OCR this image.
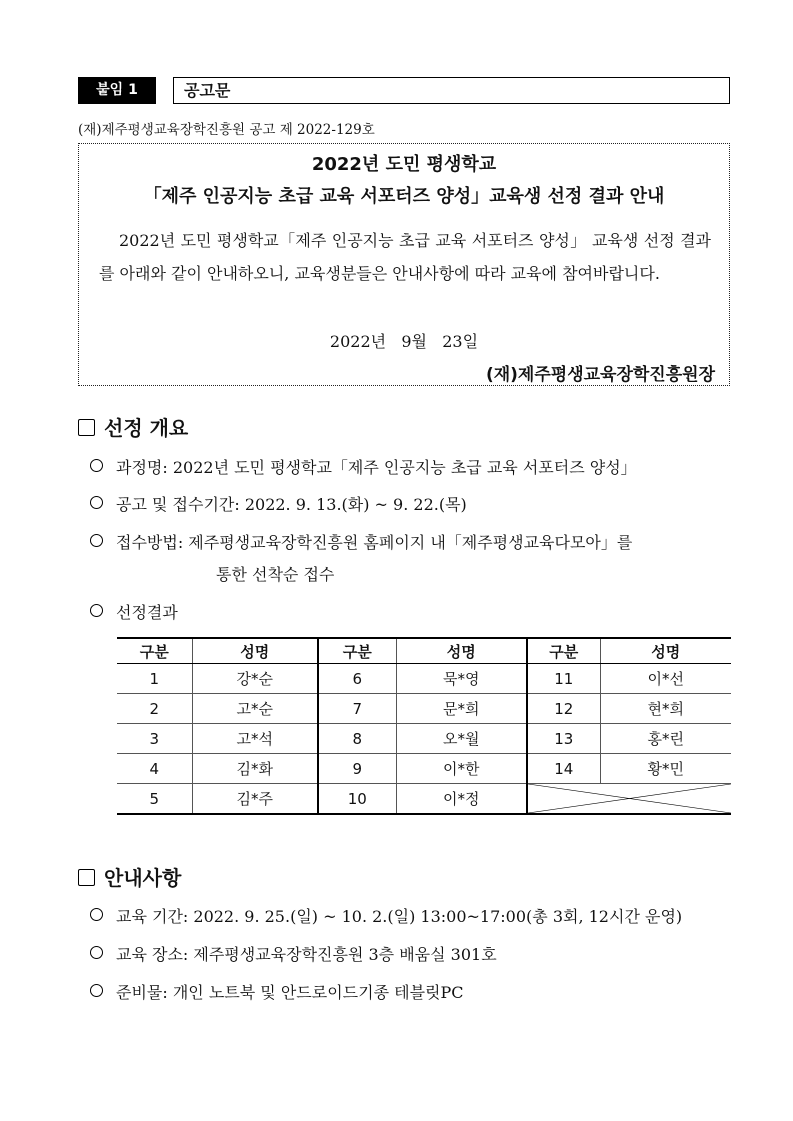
붙임 1	공고문
(재)제주평생교육장학진흥원 공고 제 2022-129호
2022년 도민 평생학교
「제주 인공지능 초급 교육 서포터즈 양성」교육생 선정 결과 안내
2022년 도민 평생학교「제주 인공지능 초급 교육 서포터즈 양성」 교육생 선정 결과를 아래와 같이 안내하오니, 교육생분들은 안내사항에 따라 교육에 참여바랍니다.
2022년   9월   23일
(재)제주평생교육장학진흥원장
선정 개요
과정명: 2022년 도민 평생학교「제주 인공지능 초급 교육 서포터즈 양성」
공고 및 접수기간: 2022. 9. 13.(화) ~ 9. 22.(목)
접수방법: 제주평생교육장학진흥원 홈페이지 내「제주평생교육다모아」를
통한 선착순 접수
선정결과
구분	성명	구분	성명	구분	성명
1	강*순	6	묵*영	11	이*선
2	고*순	7	문*희	12	현*희
3	고*석	8	오*월	13	홍*린
4	김*화	9	이*한	14	황*민
5	김*주	10	이*정	
안내사항
교육 기간: 2022. 9. 25.(일) ~ 10. 2.(일) 13:00~17:00(총 3회, 12시간 운영)
교육 장소: 제주평생교육장학진흥원 3층 배움실 301호
준비물: 개인 노트북 및 안드로이드기종 테블릿PC
